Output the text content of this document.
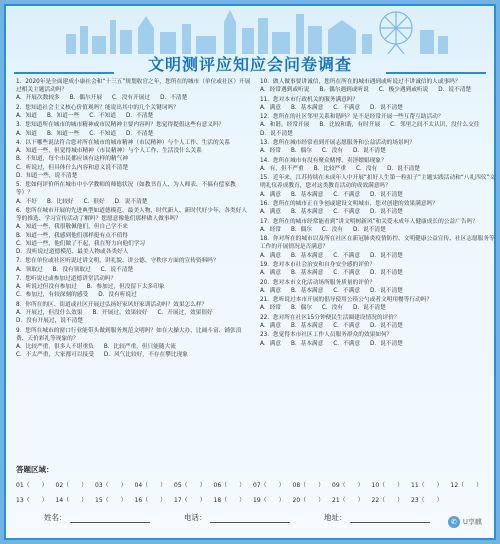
文明测评应知应会问卷调查
1．2020年是全面建成小康社会和“十三五”规划收官之年，您所在的城市（单位或社区）开展过相关主题活动吗？
A．开展次数较多 B．偶尔开展 C．没有开展过 D．不清楚
2．您知道社会主义核心价值观吗？能说出其中的几个关键词吗？
A．知道 B．知道一些 C．不知道 D．不清楚
3．您知道所在城市的城市精神或市民精神主要内容吗？您觉得提倡这些有意义吗？
A．知道 B．知道一些 C．不知道 D．不清楚
4．以下哪些说法符合您对所在城市的城市精神（市民精神）与个人工作、生活的关系
A．知道一些，但觉得城市精神（市民精神）与个人工作、生活没什么关系
B．不知道，每个市民都应该有这样的精气神
C．听说过，但具体什么内容和意义说不清楚
D．知道一些，说不清楚
5．您如何评价所在城市中小学教师的师德状况（如教书育人、为人师表、不搞有偿家教等）？
A．不好 B．比较好 C．很好 D．说不清楚
6．您所在城市开展的先进典型如道德模范、最美人物、时代新人、新时代好少年、各类好人等的推选、学习宣传活动了解吗？您愿意像他们那样做人做事吗？
A．知道一些，我很敬佩他们，但自己学不来
B．知道一些，我感到他们那样挺有点不值得
C．知道一些，他们做了不起，我在努力向他们学习
D．没听说过道德模范、最美人物或各类好人
7．您在单位或社区听说过讲文明、讲礼貌、讲公德、守秩序方面的宣传资料吗？
A．领取过 B．没有领取过 C．说不清楚
7．您听说过或参加过道德讲堂活动吗？
A．听说过但没有参加过 B．参加过，但没留下太多印象
C．参加过，有较深刻的感受 D．没有听说过
8．你所在的区、街道或社区开展过弘扬好家风好家训活动吗？效果怎么样？
A．开展过，但没什么效果 B．开展过，效果较好 C．开展过，效果很好
D．没有开展过，说不清楚
9．您所在城市的窗口行业能带头做到服务规范文明吗？如在大操大办、比阔斗富、铺张浪费、天价彩礼等现象的？
A．比较严重，很多人不堪重负 B．比较严重，但只能随大流
C．不太严重，大家都可以接受 D．风气比较好，不存在攀比现象
10．做人做事要讲诚信，您所在所在的城市遇到或听说过不讲诚信的人或事吗？
A．经常遇到或听说 B．偶尔遇到或听说 C．极少遇到或听说 D．说不清楚
11．您对本市行政机关的服务满意吗？
A．满意 B．基本满意 C．不满意 D．说不清楚
12．您所在的社区邻里关系和谐吗？是不是经常开展一些互帮互助活动？
A．和谐，经常开展 B．比较和谐，有时开展 C．邻里之间不太认识，没什么交往
D．说不清楚
13．您所在城市经常看到开展志愿服务和公益活动的场景吗？
A．经常 B．偶尔 C．没有 D．说不清楚
14．您所在城市有没有聚众赌博、卖淫嫖娼现象？
A．有，但不严重 B．比较严重 C．没有 D．说不清楚
15．近年来，江苏持续在未成年人中开展“扣好人生第一粒扣子”主题实践活动和“八礼四仪”文明礼仪养成教育，您对这类教育活动的成效满意吗？
A．满意 B．基本满意 C．不满意 D．说不清楚
16．您所在的城市正在争创或建设文明城市，您对创建的效果满意吗？
A．满意 B．基本满意 C．不满意 D．说不清楚
17．您所在的城市经常能看到“讲文明树新风”和关爱未成年人健康成长的公益广告吗？
A．经常 B．偶尔 C．没有 D．说不清楚
18．你对所在的城市以及所在社区在新冠肺炎疫情防控、文明健康公益宣传、社区志愿服务等工作的开展情况是否满意？
A．满意 B．基本满意 C．不满意 D．说不清楚
19．您对本市社会治安和自身安全感的评价？
A．满意 B．基本满意 C．不满意 D．说不清楚
20．您对本市文化活动场所服务质量的评价？
A．满意 B．基本满意 C．不满意 D．说不清楚
21．您听说过本市开展的倡导使用公筷公勺或者文明用餐等行动吗？
A．经常 B．偶尔 C．没有 D．说不清楚
22．您对所在社区15分钟便民生活圈建设情况的评价？
A．满意 B．基本满意 C．不满意 D．说不清楚
23．您觉得本市社区工作人员服务群众的效果如何？
A．满意 B．基本满意 C．不满意 D．说不清楚
答题区域：
01（　　）	02（　　）	03（　　）	04（　　）	05（　　）	06（　　）	07（　　）	08（　　）	09（　　）	10（　　）	11（　　）	12（　　）
13（　　）	14（　　）	15（　　）	16（　　）	17（　　）	18（　　）	19（　　）	20（　　）	21（　　）	22（　　）	23（　　）
姓名：	电话：	地址：	✆ U享麒
